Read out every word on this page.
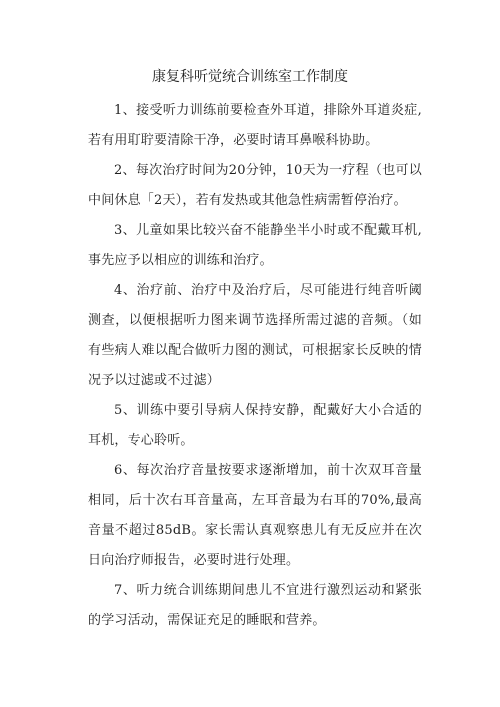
康复科听觉统合训练室工作制度

1、接受听力训练前要检查外耳道，排除外耳道炎症,若有用耵聍要清除干净，必要时请耳鼻喉科协助。

2、每次治疗时间为20分钟，10天为一疗程（也可以中间休息「2天），若有发热或其他急性病需暂停治疗。

3、儿童如果比较兴奋不能静坐半小时或不配戴耳机,事先应予以相应的训练和治疗。

4、治疗前、治疗中及治疗后，尽可能进行纯音听阈测查，以便根据听力图来调节选择所需过滤的音频。（如有些病人难以配合做听力图的测试，可根据家长反映的情况予以过滤或不过滤）

5、训练中要引导病人保持安静，配戴好大小合适的耳机，专心聆听。

6、每次治疗音量按要求逐渐增加，前十次双耳音量相同，后十次右耳音量高，左耳音最为右耳的70%,最高音量不超过85dB。家长需认真观察患儿有无反应并在次日向治疗师报告，必要时进行处理。

7、听力统合训练期间患儿不宜进行激烈运动和紧张的学习活动，需保证充足的睡眠和营养。
